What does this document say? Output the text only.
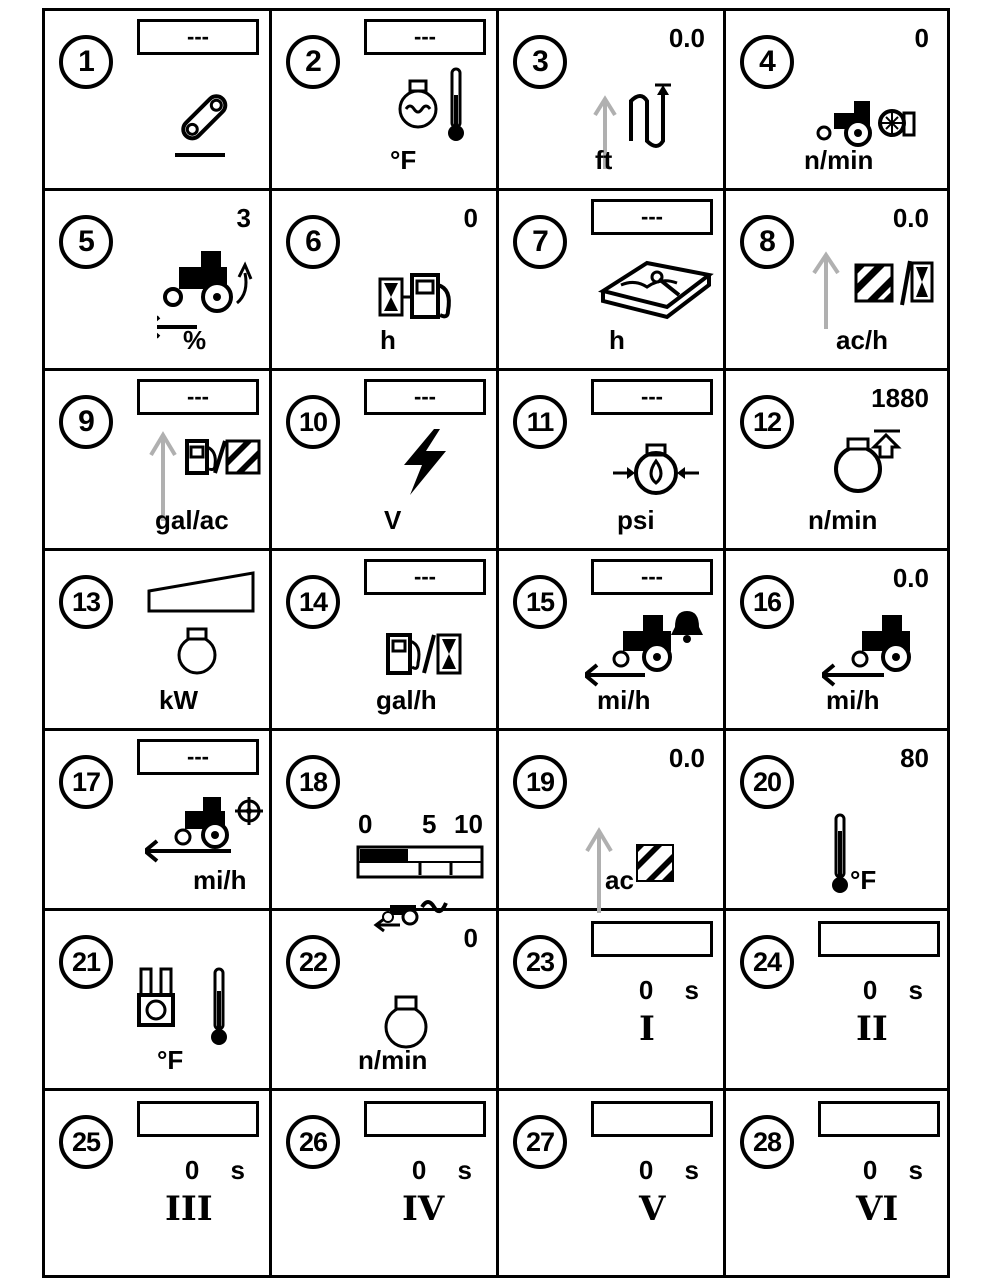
1
---
2
---
°F
3
0.0
ft
4
0
n/min
5
3
%
6
0
h
7
---
h
8
0.0
ac/h
9
---
gal/ac
10
---
V
11
---
psi
12
1880
n/min
13
kW
14
---
gal/h
15
---
mi/h
16
0.0
mi/h
17
---
mi/h
18
0 5 10
19
0.0
ac
20
80
°F
21
°F
22
0
n/min
23
0 s
I
24
0 s
II
25
0 s
III
26
0 s
IV
27
0 s
V
28
0 s
VI
